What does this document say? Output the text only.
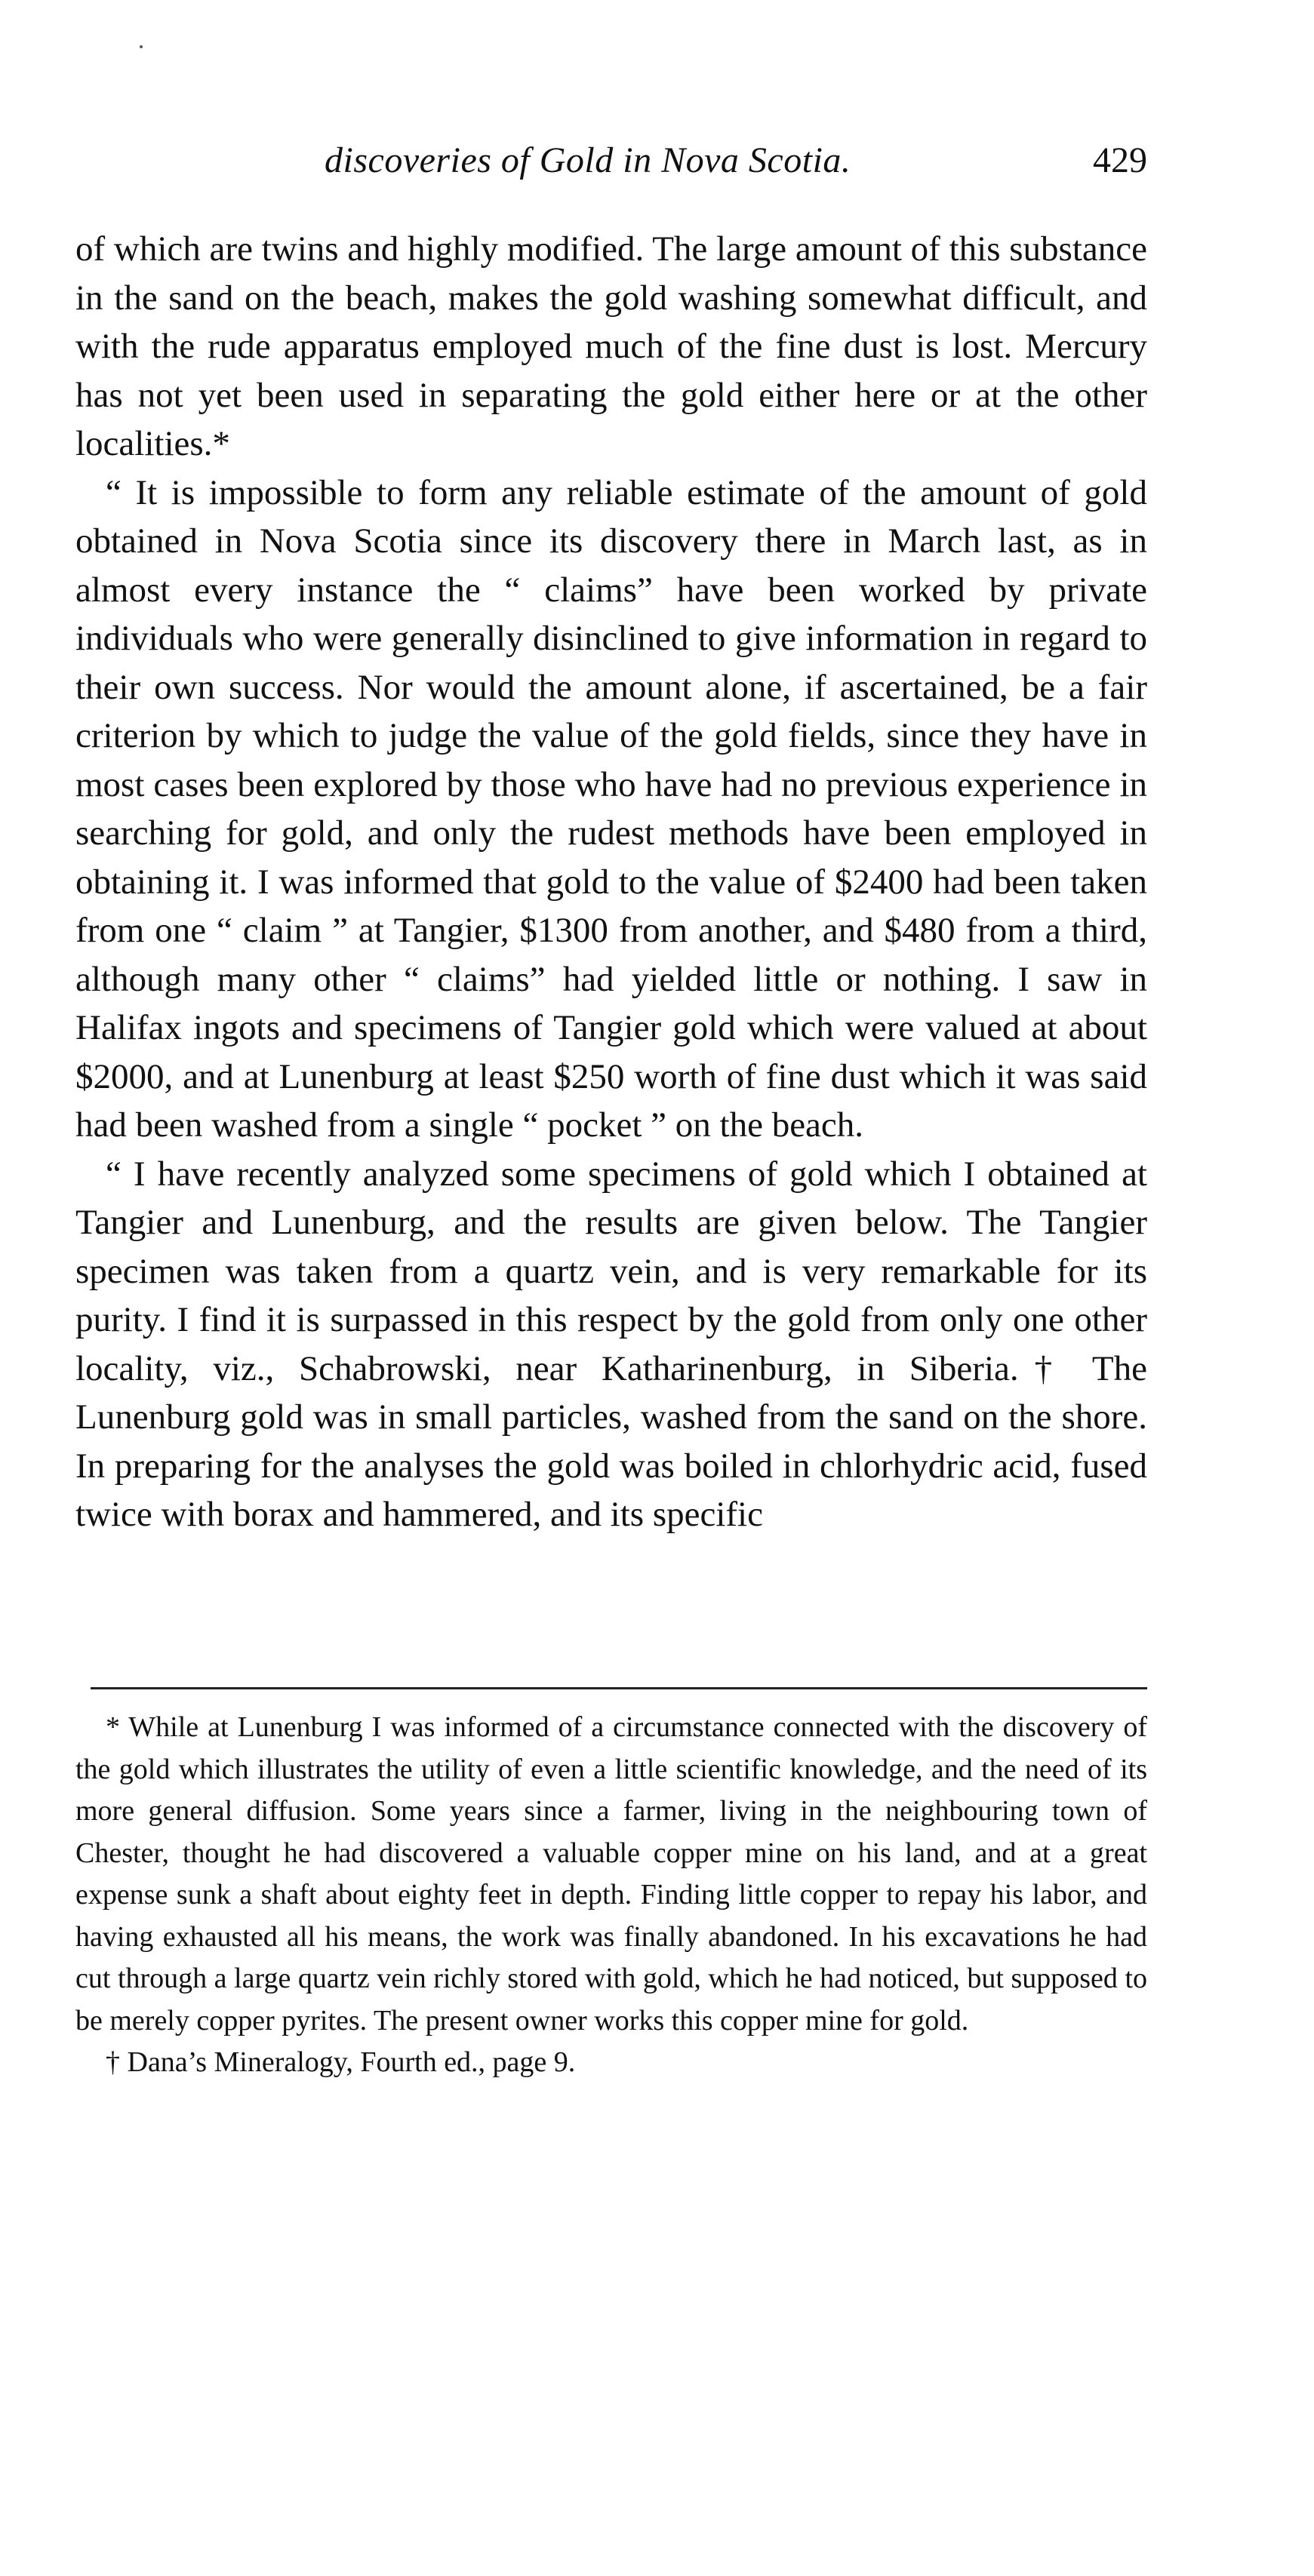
discoveries of Gold in Nova Scotia.	429

of which are twins and highly modified. The large amount of this substance in the sand on the beach, makes the gold washing somewhat difficult, and with the rude apparatus employed much of the fine dust is lost. Mercury has not yet been used in separating the gold either here or at the other localities.*

“ It is impossible to form any reliable estimate of the amount of gold obtained in Nova Scotia since its discovery there in March last, as in almost every instance the “ claims” have been worked by private individuals who were generally disinclined to give information in regard to their own success. Nor would the amount alone, if ascertained, be a fair criterion by which to judge the value of the gold fields, since they have in most cases been explored by those who have had no previous experience in searching for gold, and only the rudest methods have been employed in obtaining it. I was informed that gold to the value of $2400 had been taken from one “ claim ” at Tangier, $1300 from another, and $480 from a third, although many other “ claims” had yielded little or nothing. I saw in Halifax ingots and specimens of Tangier gold which were valued at about $2000, and at Lunenburg at least $250 worth of fine dust which it was said had been washed from a single “ pocket ” on the beach.

“ I have recently analyzed some specimens of gold which I obtained at Tangier and Lunenburg, and the results are given below. The Tangier specimen was taken from a quartz vein, and is very remarkable for its purity. I find it is surpassed in this respect by the gold from only one other locality, viz., Schabrowski, near Katharinenburg, in Siberia.† The Lunenburg gold was in small particles, washed from the sand on the shore. In preparing for the analyses the gold was boiled in chlorhydric acid, fused twice with borax and hammered, and its specific

* While at Lunenburg I was informed of a circumstance connected with the discovery of the gold which illustrates the utility of even a little scientific knowledge, and the need of its more general diffusion. Some years since a farmer, living in the neighbouring town of Chester, thought he had discovered a valuable copper mine on his land, and at a great expense sunk a shaft about eighty feet in depth. Finding little copper to repay his labor, and having exhausted all his means, the work was finally abandoned. In his excavations he had cut through a large quartz vein richly stored with gold, which he had noticed, but supposed to be merely copper pyrites. The present owner works this copper mine for gold.

† Dana’s Mineralogy, Fourth ed., page 9.
